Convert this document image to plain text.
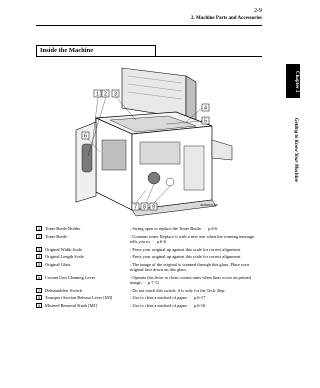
2-9
2. Machine Parts and Accessories
Chapter 2
Getting to Know Your Machine
Inside the Machine
1 2 3
4
5
6
7 8 9	4045P071AB
1	Toner Bottle Holder	: Swing open to replace the Toner Bottle. ☞ p.6-6
2	Toner Bottle	: Contains toner. Replace it with a new one when the warning message tells you to. ☞ p.6-6
3	Original Width Scale	: Press your original up against this scale for correct alignment.
4	Original Length Scale	: Press your original up against this scale for correct alignment.
5	Original Glass	: The image of the original is scanned through this glass. Place your original face down on this glass.
6	Corona Unit Cleaning Lever	: Operate this lever to clean corona units when lines occur on printed image. ☞ p.7-11
7	Dehumidifier Switch	: Do not touch this switch; it is only for the Tech. Rep.
8	Transport Section Release Lever [M3]	: Use to clear a misfeed of paper. ☞ p.6-17
9	Misfeed Removal Knob [M1]	: Use to clear a misfeed of paper. ☞ p.6-16
